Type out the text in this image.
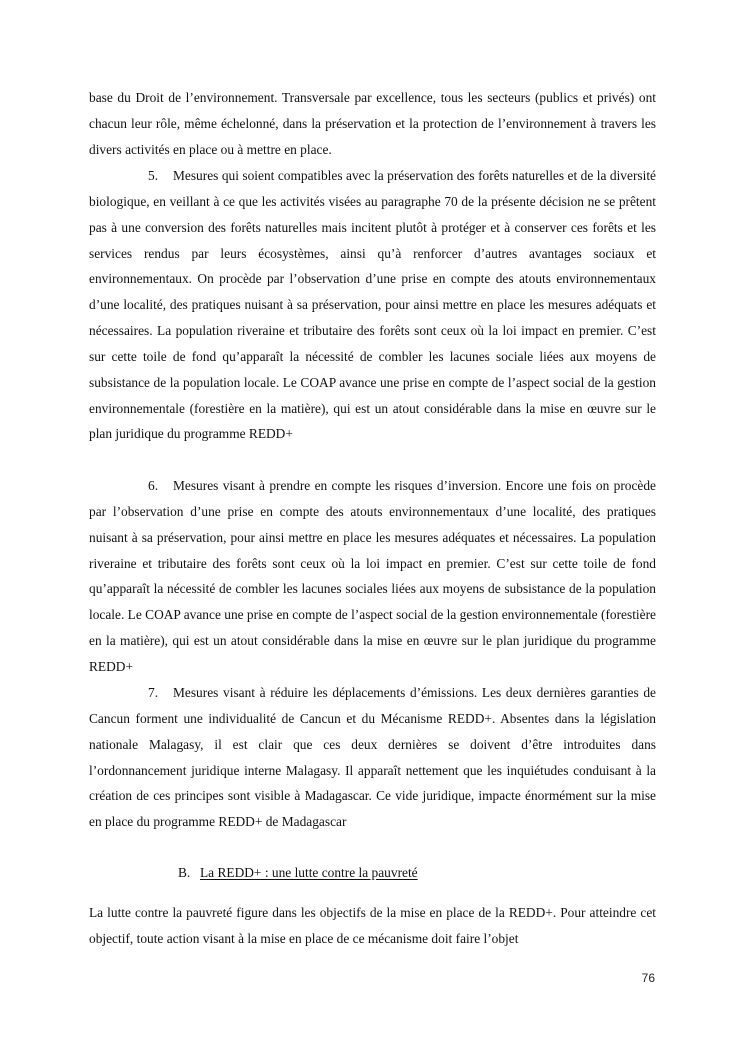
base du Droit de l’environnement. Transversale par excellence, tous les secteurs (publics et privés) ont chacun leur rôle, même échelonné, dans la préservation et la protection de l’environnement à travers les divers activités en place ou à mettre en place.

5. Mesures qui soient compatibles avec la préservation des forêts naturelles et de la diversité biologique, en veillant à ce que les activités visées au paragraphe 70 de la présente décision ne se prêtent pas à une conversion des forêts naturelles mais incitent plutôt à protéger et à conserver ces forêts et les services rendus par leurs écosystèmes, ainsi qu’à renforcer d’autres avantages sociaux et environnementaux. On procède par l’observation d’une prise en compte des atouts environnementaux d’une localité, des pratiques nuisant à sa préservation, pour ainsi mettre en place les mesures adéquats et nécessaires. La population riveraine et tributaire des forêts sont ceux où la loi impact en premier. C’est sur cette toile de fond qu’apparaît la nécessité de combler les lacunes sociale liées aux moyens de subsistance de la population locale. Le COAP avance une prise en compte de l’aspect social de la gestion environnementale (forestière en la matière), qui est un atout considérable dans la mise en œuvre sur le plan juridique du programme REDD+

6. Mesures visant à prendre en compte les risques d’inversion. Encore une fois on procède par l’observation d’une prise en compte des atouts environnementaux d’une localité, des pratiques nuisant à sa préservation, pour ainsi mettre en place les mesures adéquates et nécessaires. La population riveraine et tributaire des forêts sont ceux où la loi impact en premier. C’est sur cette toile de fond qu’apparaît la nécessité de combler les lacunes sociales liées aux moyens de subsistance de la population locale. Le COAP avance une prise en compte de l’aspect social de la gestion environnementale (forestière en la matière), qui est un atout considérable dans la mise en œuvre sur le plan juridique du programme REDD+

7. Mesures visant à réduire les déplacements d’émissions. Les deux dernières garanties de Cancun forment une individualité de Cancun et du Mécanisme REDD+. Absentes dans la législation nationale Malagasy, il est clair que ces deux dernières se doivent d’être introduites dans l’ordonnancement juridique interne Malagasy. Il apparaît nettement que les inquiétudes conduisant à la création de ces principes sont visible à Madagascar. Ce vide juridique, impacte énormément sur la mise en place du programme REDD+ de Madagascar

La lutte contre la pauvreté figure dans les objectifs de la mise en place de la REDD+. Pour atteindre cet objectif, toute action visant à la mise en place de ce mécanisme doit faire l’objet

B. La REDD+ : une lutte contre la pauvreté

76
